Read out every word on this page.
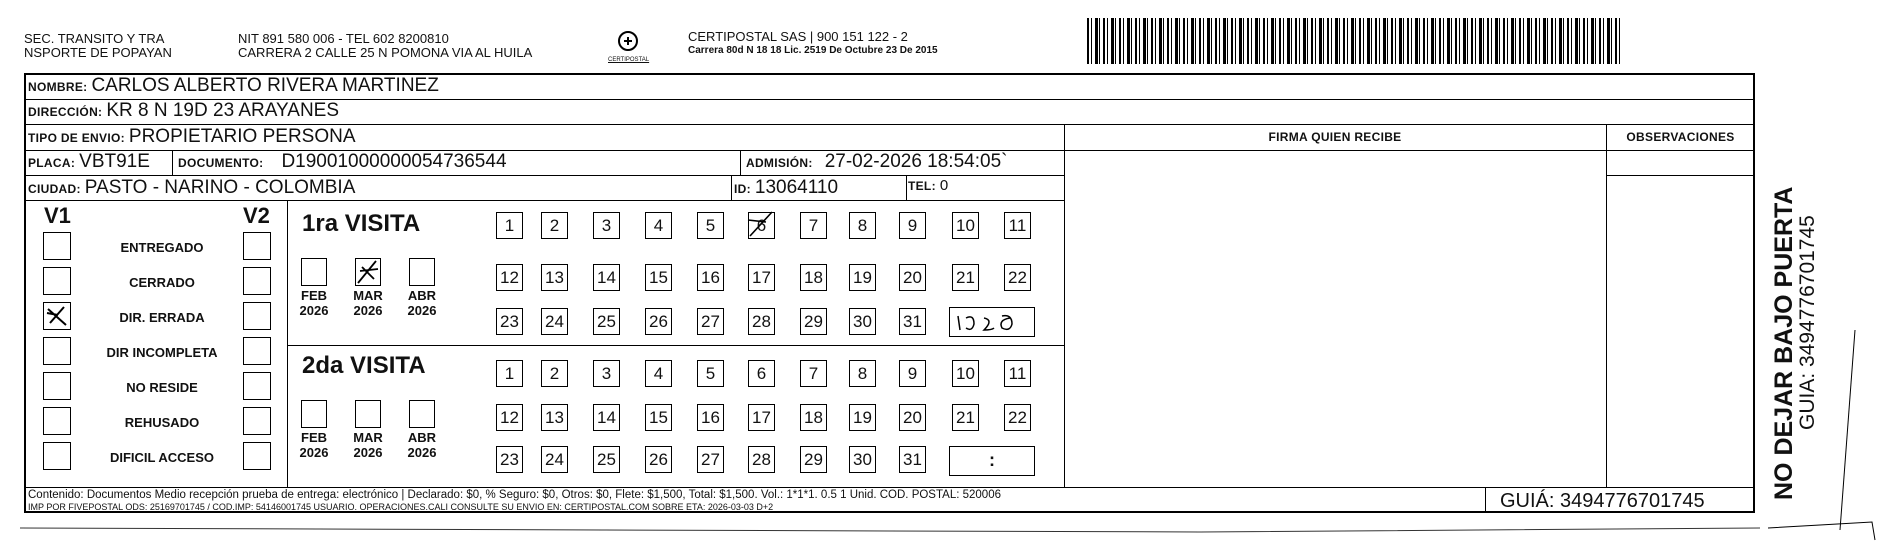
SEC. TRANSITO Y TRA
NSPORTE DE POPAYAN
NIT 891 580 006 - TEL 602 8200810
CARRERA 2 CALLE 25 N POMONA VIA AL HUILA	CERTIPOSTAL
CERTIPOSTAL SAS | 900 151 122 - 2
Carrera 80d N 18 18 Lic. 2519 De Octubre 23 De 2015
NOMBRE: CARLOS ALBERTO RIVERA MARTINEZ
DIRECCIÓN: KR 8 N 19D 23 ARAYANES
TIPO DE ENVIO: PROPIETARIO PERSONA	FIRMA QUIEN RECIBE	OBSERVACIONES
PLACA: VBT91E DOCUMENTO: D19001000000054736544	ADMISIÓN: 27-02-2026 18:54:05`
CIUDAD: PASTO - NARINO - COLOMBIA	ID: 13064110	TEL: 0
V1	V2
ENTREGADO
CERRADO
DIR. ERRADA
DIR INCOMPLETA
NO RESIDE
REHUSADO
DIFICIL ACCESO
1ra VISITA
2da VISITA
FEB
2026
MAR
2026
ABR
2026
FEB
2026
MAR
2026
ABR
2026
1	2	3	4	5	6	7	8	9	10 11
12 13 14 15 16 17 18 19 20 21 22
23 24 25 26 27 28 29 30 31
1	2	3	4	5	6	7	8	9	10 11
12 13 14 15 16 17 18 19 20 21 22
23 24 25 26 27 28 29 30 31	:
Contenido: Documentos Medio recepción prueba de entrega: electrónico | Declarado: $0, % Seguro: $0, Otros: $0, Flete: $1,500, Total: $1,500. Vol.: 1*1*1. 0.5 1 Unid. COD. POSTAL: 520006
IMP POR FIVEPOSTAL ODS: 25169701745 / COD.IMP: 54146001745 USUARIO. OPERACIONES.CALI CONSULTE SU ENVIO EN: CERTIPOSTAL.COM SOBRE ETA: 2026-03-03 D+2	GUIÁ: 3494776701745
NO DEJAR BAJO PUERTA
GUIA: 3494776701745
